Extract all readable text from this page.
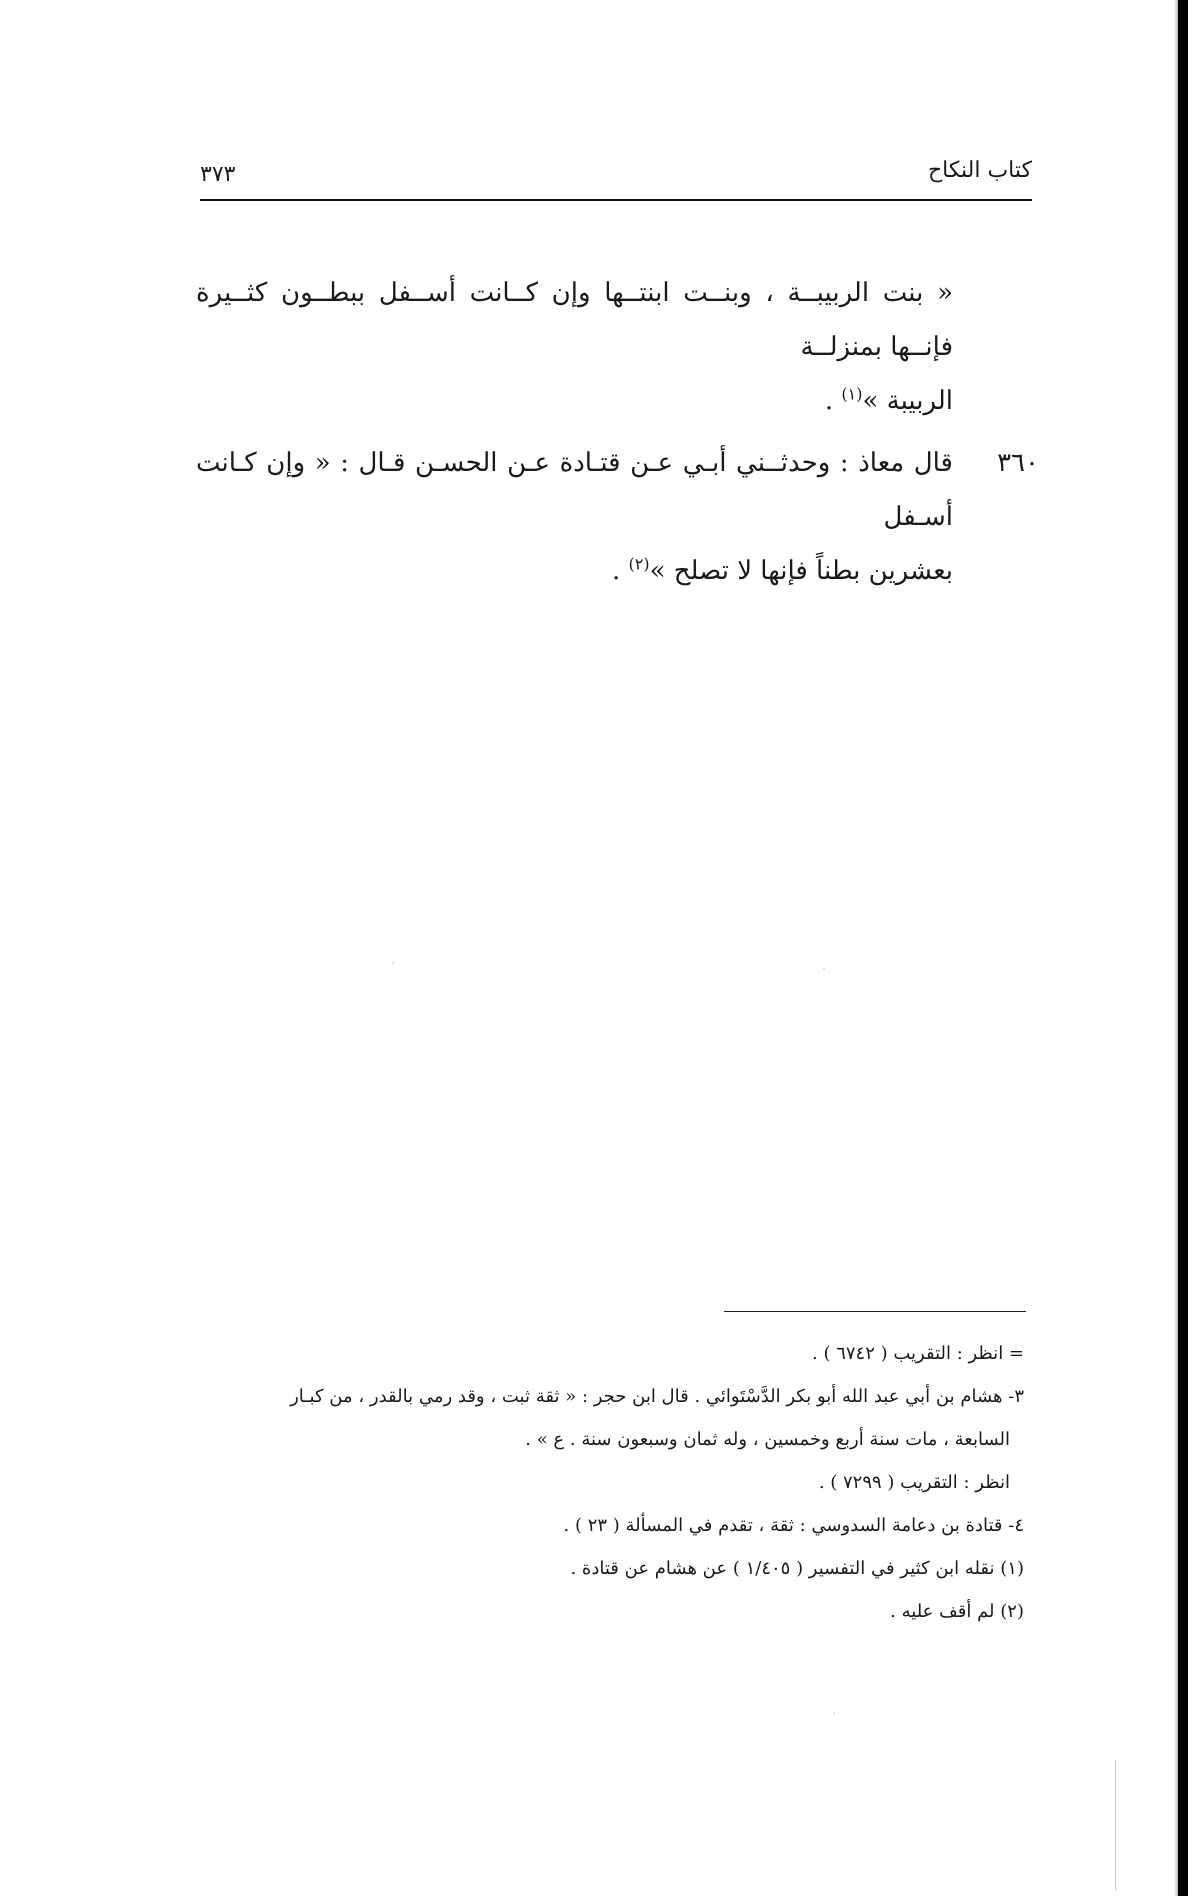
كتاب النكاح
٣٧٣

« بنت الربيبــة ، وبنــت ابنتــها وإن كــانت أســفل ببطــون كثــيرة فإنــها بمنزلــة
الربيبة »$^{(١)}$ .

٣٦٠
قال معاذ : وحدثــني أبـي عـن قتـادة عـن الحسـن قـال : « وإن كـانت أسـفل
بعشرين بطناً فإنها لا تصلح »$^{(٢)}$ .

= انظر : التقريب ( ٦٧٤٢ ) .

٣- هشام بن أبي عبد الله أبو بكر الدَّسْتَوائي . قال ابن حجر : « ثقة ثبت ، وقد رمي بالقدر ، من كبـار

السابعة ، مات سنة أربع وخمسين ، وله ثمان وسبعون سنة . ع » .

انظر : التقريب ( ٧٢٩٩ ) .

٤- قتادة بن دعامة السدوسي : ثقة ، تقدم في المسألة ( ٢٣ ) .

(١) نقله ابن كثير في التفسير ( ١/٤٠٥ ) عن هشام عن قتادة .

(٢) لم أقف عليه .
